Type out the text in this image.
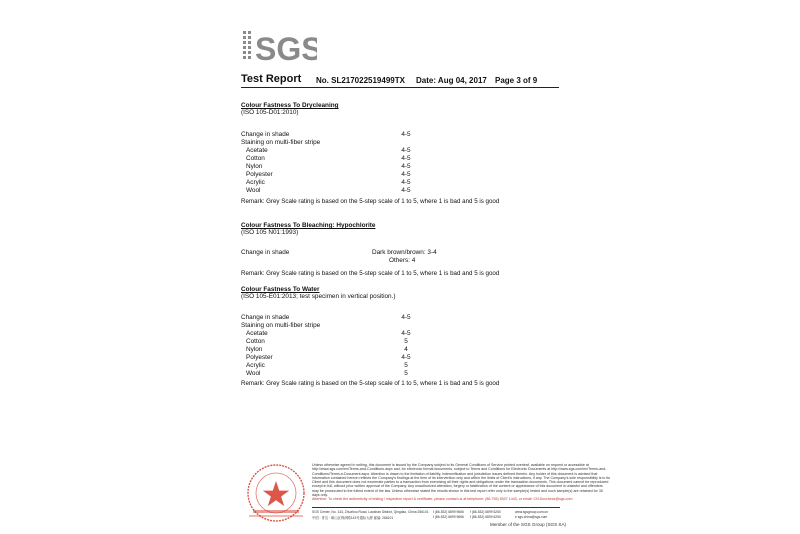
SGS
Test Report No. SL217022519499TX Date: Aug 04, 2017 Page 3 of 9
Colour Fastness To Drycleaning
(ISO 105-D01:2010)
Change in shade	4-5
Staining on multi-fiber stripe
Acetate	4-5
Cotton	4-5
Nylon	4-5
Polyester	4-5
Acrylic	4-5
Wool	4-5
Remark: Grey Scale rating is based on the 5-step scale of 1 to 5, where 1 is bad and 5 is good
Colour Fastness To Bleaching: Hypochlorite
(ISO 105 N01:1993)
Change in shade	Dark brown/brown: 3-4
Others: 4
Remark: Grey Scale rating is based on the 5-step scale of 1 to 5, where 1 is bad and 5 is good
Colour Fastness To Water
(ISO 105-E01:2013; test specimen in vertical position.)
Change in shade	4-5
Staining on multi-fiber stripe
Acetate	4-5
Cotton	5
Nylon	4
Polyester	4-5
Acrylic	5
Wool	5
Remark: Grey Scale rating is based on the 5-step scale of 1 to 5, where 1 is bad and 5 is good
Unless otherwise agreed in writing, this document is issued by the Company subject to its General Conditions of Service printed overleaf, available on request or accessible at http://www.sgs.com/en/Terms-and-Conditions.aspx and, for electronic format documents, subject to Terms and Conditions for Electronic Documents at http://www.sgs.com/en/Terms-and-Conditions/Terms-e-Document.aspx. Attention is drawn to the limitation of liability, indemnification and jurisdiction issues defined therein. Any holder of this document is advised that information contained hereon reflects the Company's findings at the time of its intervention only and within the limits of Client's instructions, if any. The Company's sole responsibility is to its Client and this document does not exonerate parties to a transaction from exercising all their rights and obligations under the transaction documents. This document cannot be reproduced except in full, without prior written approval of the Company. Any unauthorized alteration, forgery or falsification of the content or appearance of this document is unlawful and offenders may be prosecuted to the fullest extent of the law. Unless otherwise stated the results shown in this test report refer only to the sample(s) tested and such sample(s) are retained for 30 days only.
Attention: To check the authenticity of testing / inspection report & certificate, please contact us at telephone: (86-755) 8307 1443, or email: CN.Doccheck@sgs.com
SGS Center, No. 143, Zhuzhou Road, Laoshan District, Qingdao, China 266101
中国 · 青岛 · 崂山区株洲路143号通标大厦 邮编: 266101
t (86-532) 6899 9666
t (86-532) 6899 9666
f (86-532) 6899 6250
f (86-532) 6899 6250
www.sgsgroup.com.cn
e sgs.china@sgs.com
Member of the SGS Group (SGS SA)
